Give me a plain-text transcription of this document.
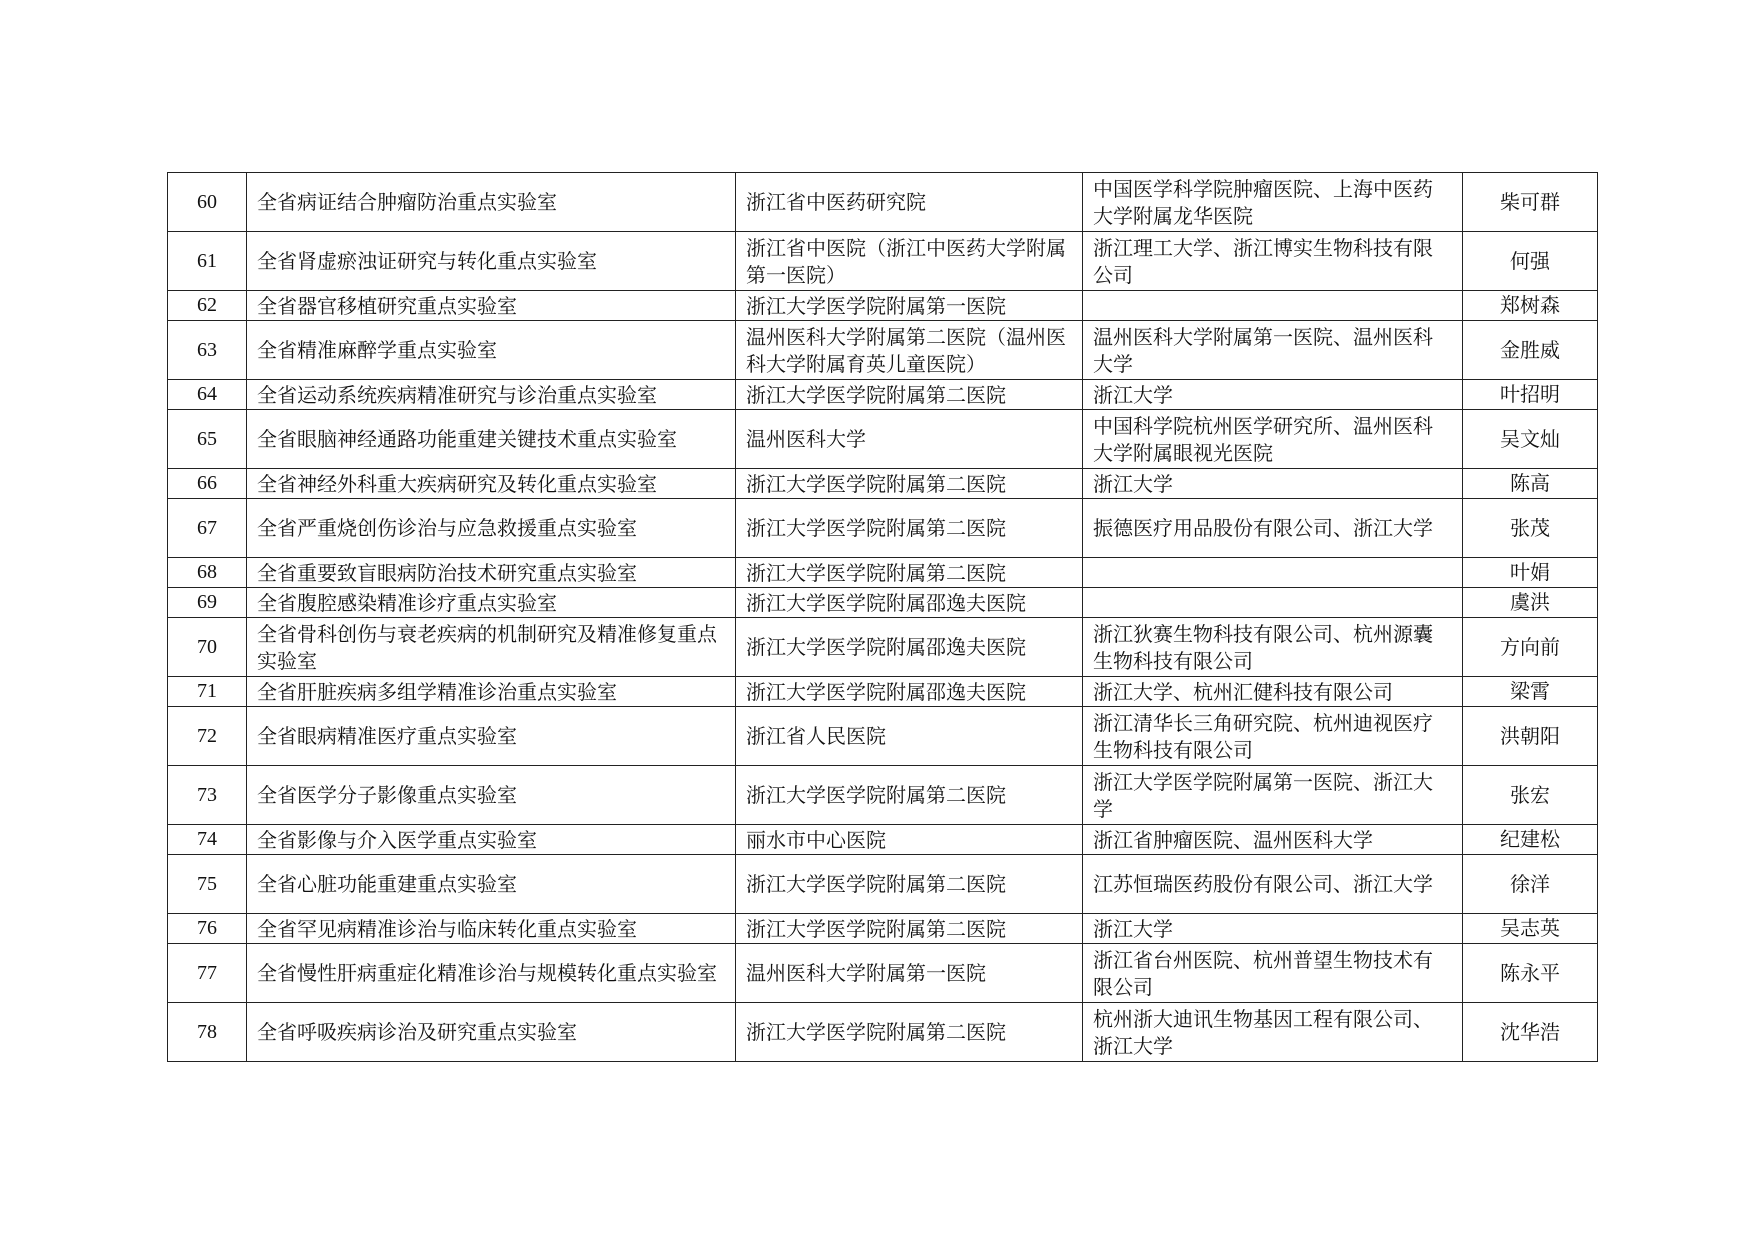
60	全省病证结合肿瘤防治重点实验室	浙江省中医药研究院	中国医学科学院肿瘤医院、上海中医药大学附属龙华医院	柴可群
61	全省肾虚瘀浊证研究与转化重点实验室	浙江省中医院（浙江中医药大学附属第一医院）	浙江理工大学、浙江博实生物科技有限公司	何强
62	全省器官移植研究重点实验室	浙江大学医学院附属第一医院		郑树森
63	全省精准麻醉学重点实验室	温州医科大学附属第二医院（温州医科大学附属育英儿童医院）	温州医科大学附属第一医院、温州医科大学	金胜威
64	全省运动系统疾病精准研究与诊治重点实验室	浙江大学医学院附属第二医院	浙江大学	叶招明
65	全省眼脑神经通路功能重建关键技术重点实验室	温州医科大学	中国科学院杭州医学研究所、温州医科大学附属眼视光医院	吴文灿
66	全省神经外科重大疾病研究及转化重点实验室	浙江大学医学院附属第二医院	浙江大学	陈高
67	全省严重烧创伤诊治与应急救援重点实验室	浙江大学医学院附属第二医院	振德医疗用品股份有限公司、浙江大学	张茂
68	全省重要致盲眼病防治技术研究重点实验室	浙江大学医学院附属第二医院		叶娟
69	全省腹腔感染精准诊疗重点实验室	浙江大学医学院附属邵逸夫医院		虞洪
70	全省骨科创伤与衰老疾病的机制研究及精准修复重点实验室	浙江大学医学院附属邵逸夫医院	浙江狄赛生物科技有限公司、杭州源囊生物科技有限公司	方向前
71	全省肝脏疾病多组学精准诊治重点实验室	浙江大学医学院附属邵逸夫医院	浙江大学、杭州汇健科技有限公司	梁霄
72	全省眼病精准医疗重点实验室	浙江省人民医院	浙江清华长三角研究院、杭州迪视医疗生物科技有限公司	洪朝阳
73	全省医学分子影像重点实验室	浙江大学医学院附属第二医院	浙江大学医学院附属第一医院、浙江大学	张宏
74	全省影像与介入医学重点实验室	丽水市中心医院	浙江省肿瘤医院、温州医科大学	纪建松
75	全省心脏功能重建重点实验室	浙江大学医学院附属第二医院	江苏恒瑞医药股份有限公司、浙江大学	徐洋
76	全省罕见病精准诊治与临床转化重点实验室	浙江大学医学院附属第二医院	浙江大学	吴志英
77	全省慢性肝病重症化精准诊治与规模转化重点实验室	温州医科大学附属第一医院	浙江省台州医院、杭州普望生物技术有限公司	陈永平
78	全省呼吸疾病诊治及研究重点实验室	浙江大学医学院附属第二医院	杭州浙大迪讯生物基因工程有限公司、浙江大学	沈华浩
